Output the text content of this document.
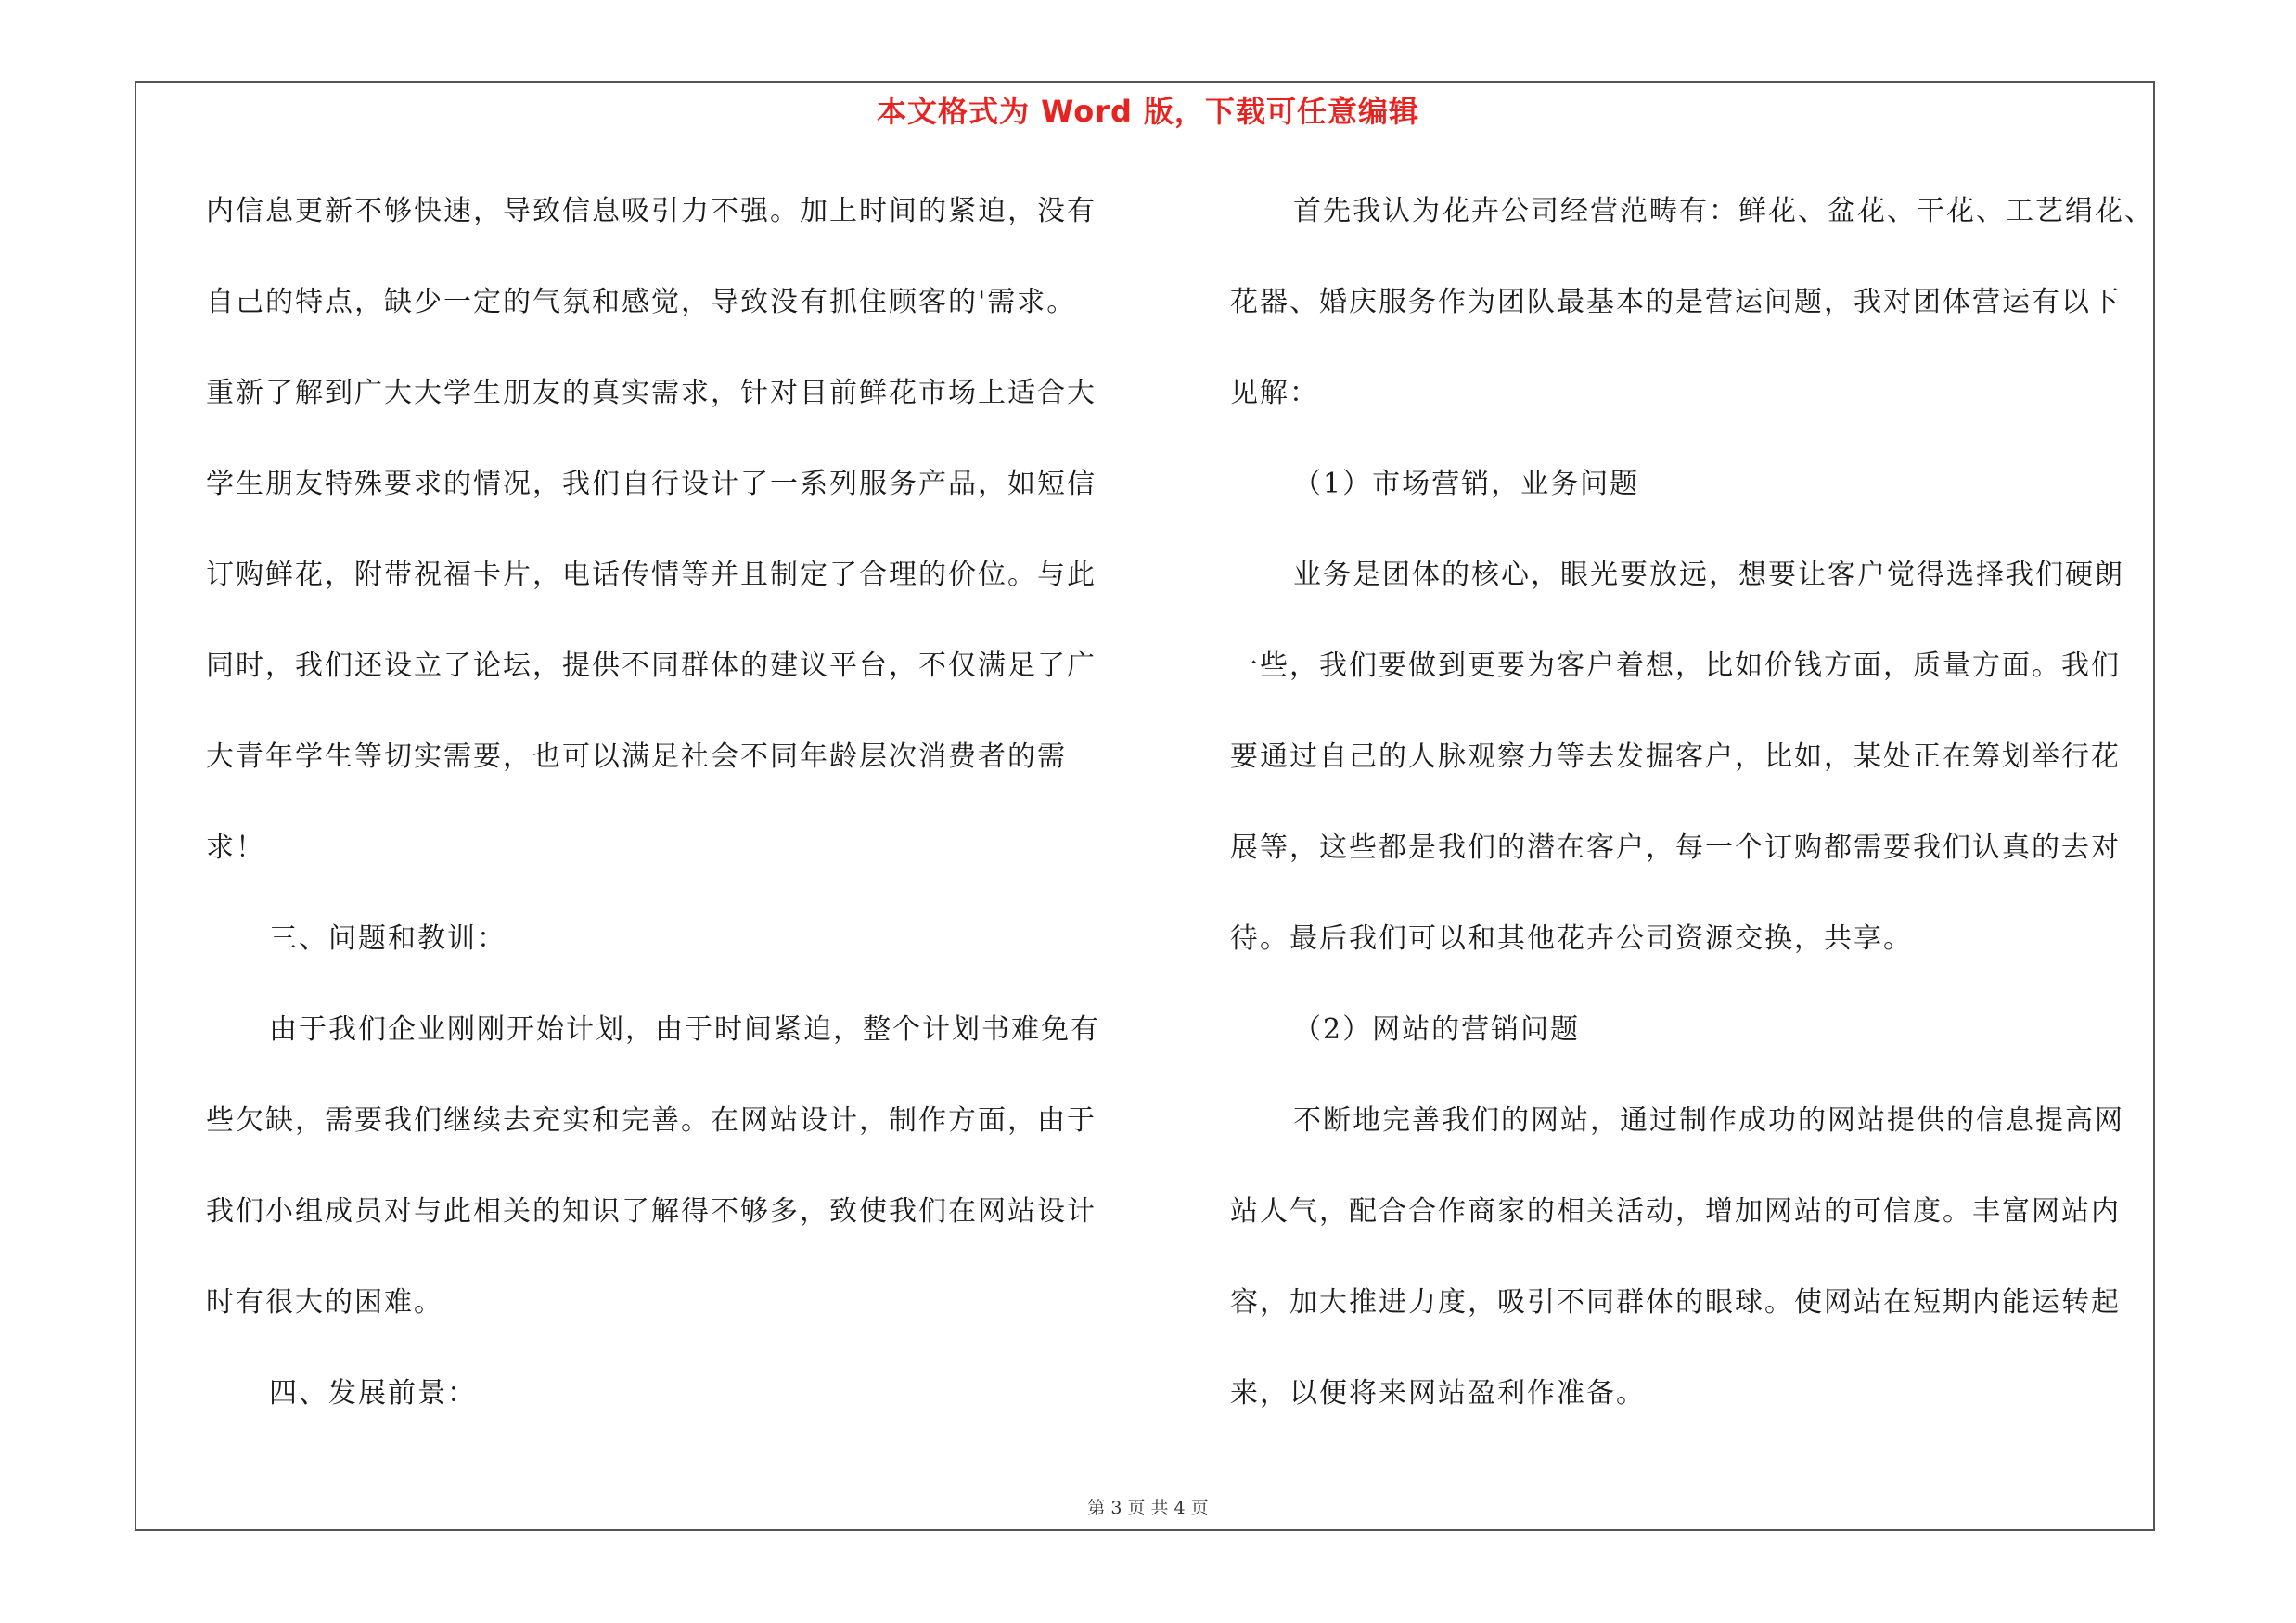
本文格式为 Word 版，下载可任意编辑
内信息更新不够快速，导致信息吸引力不强。加上时间的紧迫，没有
自己的特点，缺少一定的气氛和感觉，导致没有抓住顾客的'需求。
重新了解到广大大学生朋友的真实需求，针对目前鲜花市场上适合大
学生朋友特殊要求的情况，我们自行设计了一系列服务产品，如短信
订购鲜花，附带祝福卡片，电话传情等并且制定了合理的价位。与此
同时，我们还设立了论坛，提供不同群体的建议平台，不仅满足了广
大青年学生等切实需要，也可以满足社会不同年龄层次消费者的需
求！
三、问题和教训：
由于我们企业刚刚开始计划，由于时间紧迫，整个计划书难免有
些欠缺，需要我们继续去充实和完善。在网站设计，制作方面，由于
我们小组成员对与此相关的知识了解得不够多，致使我们在网站设计
时有很大的困难。
四、发展前景：
首先我认为花卉公司经营范畴有：鲜花、盆花、干花、工艺绢花、
花器、婚庆服务作为团队最基本的是营运问题，我对团体营运有以下
见解：
（1）市场营销，业务问题
业务是团体的核心，眼光要放远，想要让客户觉得选择我们硬朗
一些，我们要做到更要为客户着想，比如价钱方面，质量方面。我们
要通过自己的人脉观察力等去发掘客户，比如，某处正在筹划举行花
展等，这些都是我们的潜在客户，每一个订购都需要我们认真的去对
待。最后我们可以和其他花卉公司资源交换，共享。
（2）网站的营销问题
不断地完善我们的网站，通过制作成功的网站提供的信息提高网
站人气，配合合作商家的相关活动，增加网站的可信度。丰富网站内
容，加大推进力度，吸引不同群体的眼球。使网站在短期内能运转起
来，以便将来网站盈利作准备。
第 3 页 共 4 页
